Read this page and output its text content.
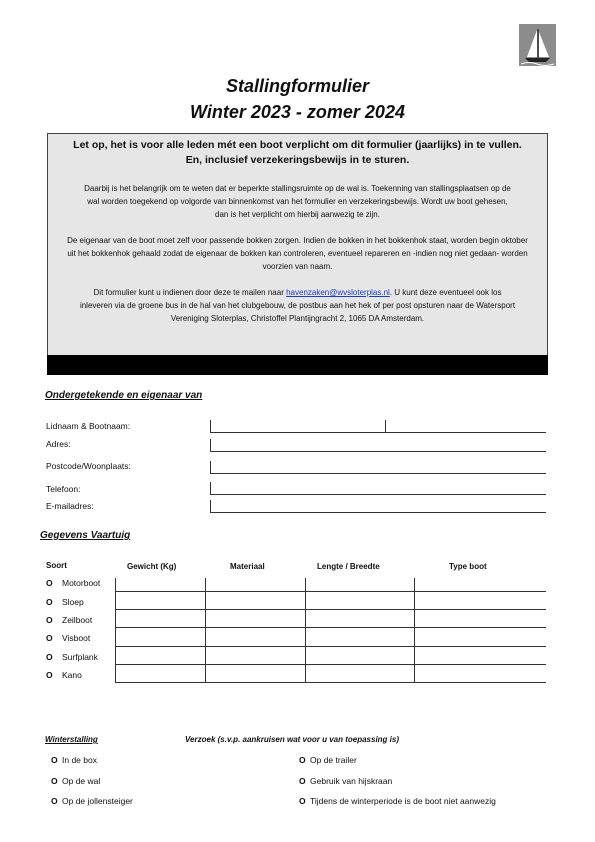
Stallingformulier
Winter 2023 - zomer 2024

Let op, het is voor alle leden mét een boot verplicht om dit formulier (jaarlijks) in te vullen.

En, inclusief verzekeringsbewijs in te sturen.

Daarbij is het belangrijk om te weten dat er beperkte stallingsruimte op de wal is. Toekenning van stallingsplaatsen op de wal worden toegekend op volgorde van binnenkomst van het formulier en verzekeringsbewijs. Wordt uw boot gehesen, dan is het verplicht om hierbij aanwezig te zijn.

De eigenaar van de boot moet zelf voor passende bokken zorgen. Indien de bokken in het bokkenhok staat, worden begin oktober uit het bokkenhok gehaald zodat de eigenaar de bokken kan controleren, eventueel repareren en -indien nog niet gedaan- worden voorzien van naam.

Dit formulier kunt u indienen door deze te mailen naar havenzaken@wvsloterplas.nl. U kunt deze eventueel ook los inleveren via de groene bus in de hal van het clubgebouw, de postbus aan het hek of per post opsturen naar de Watersport Vereniging Sloterplas, Christoffel Plantijngracht 2, 1065 DA Amsterdam.

Ondergetekende en eigenaar van
Lidnaam & Bootnaam:
Adres:
Postcode/Woonplaats:
Telefoon:
E-mailadres:
Gegevens Vaartuig
Soort	Gewicht (Kg)	Materiaal	Lengte / Breedte	Type boot
O Motorboot
O Sloep
O Zeilboot
O Visboot
O Surfplank
O Kano
Winterstalling	Verzoek (s.v.p. aankruisen wat voor u van toepassing is)
O In de box
O Op de wal
O Op de jollensteiger
O Op de trailer
O Gebruik van hijskraan
O Tijdens de winterperiode is de boot niet aanwezig
